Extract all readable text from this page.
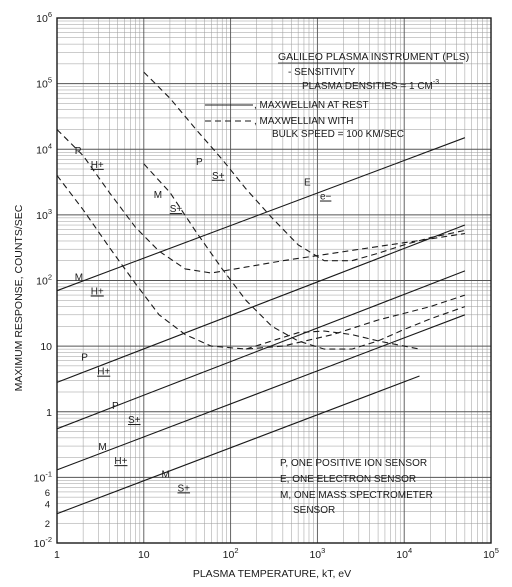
1	10	$10^2$	$10^3$	$10^4$	$10^5$
$10^{-2}$
$10^{-1}$
1
10
$10^2$
$10^3$
$10^4$
$10^5$
$10^6$
2
4
6
E
e−
P
H+
P
S+
M
H+
M
S+
P
H+
M
H+
P
S+
M
S+
GALILEO PLASMA INSTRUMENT (PLS)
- SENSITIVITY
PLASMA DENSITIES = 1 $CM^{-3}$
, MAXWELLIAN AT REST
, MAXWELLIAN WITH
BULK SPEED = 100 KM/SEC
P, ONE POSITIVE ION SENSOR
E, ONE ELECTRON SENSOR
M, ONE MASS SPECTROMETER
SENSOR
PLASMA TEMPERATURE, kT, eV
MAXIMUM RESPONSE, COUNTS/SEC
